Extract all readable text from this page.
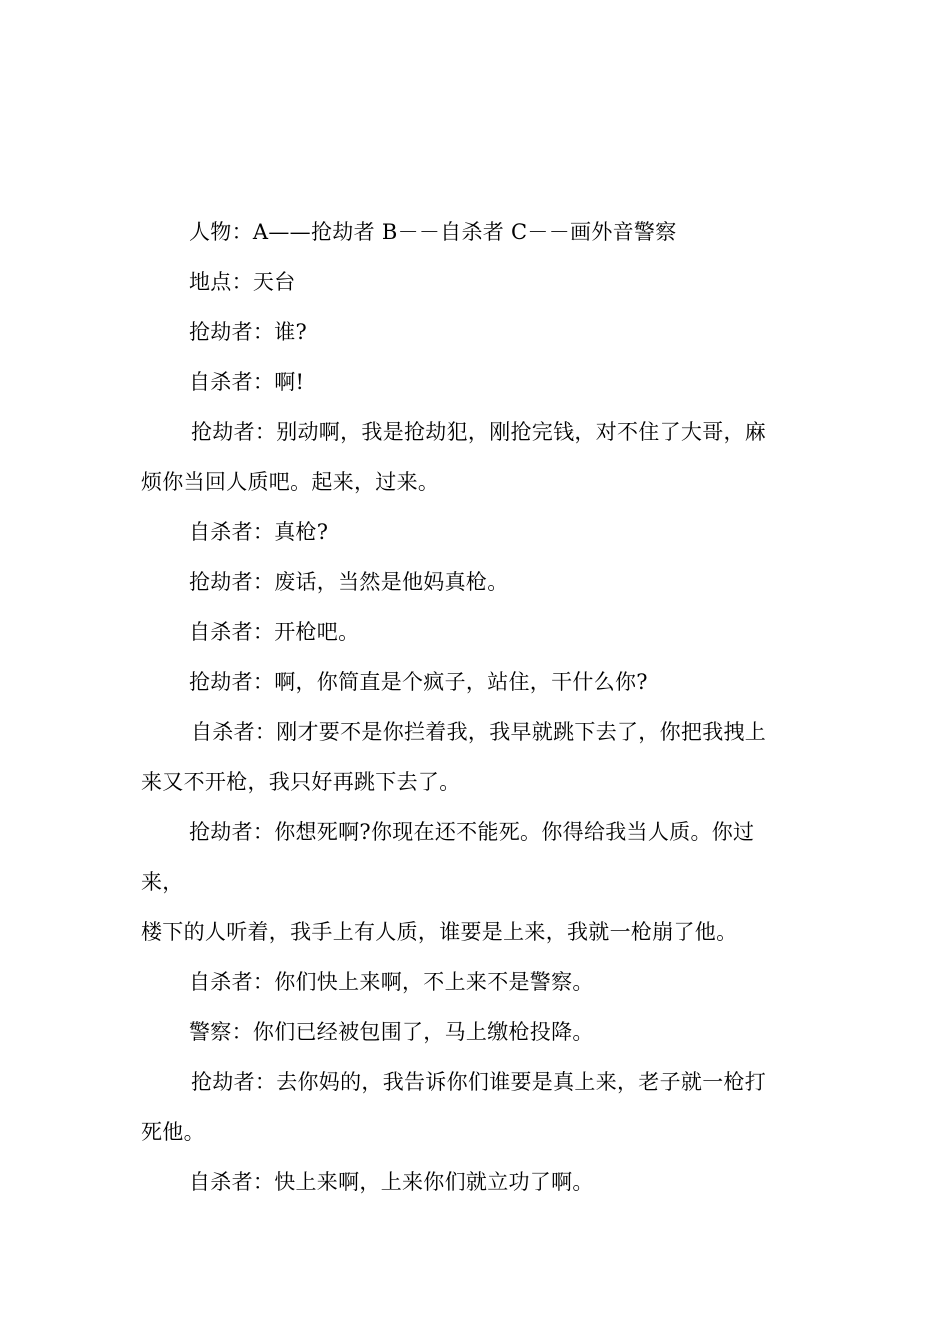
人物：A——抢劫者 B－－自杀者 C－－画外音警察

地点：天台

抢劫者：谁?

自杀者：啊!

抢劫者：别动啊，我是抢劫犯，刚抢完钱，对不住了大哥，麻

烦你当回人质吧。起来，过来。

自杀者：真枪?

抢劫者：废话，当然是他妈真枪。

自杀者：开枪吧。

抢劫者：啊，你简直是个疯子，站住，干什么你?

自杀者：刚才要不是你拦着我，我早就跳下去了，你把我拽上

来又不开枪，我只好再跳下去了。

抢劫者：你想死啊?你现在还不能死。你得给我当人质。你过

来，

楼下的人听着，我手上有人质，谁要是上来，我就一枪崩了他。

自杀者：你们快上来啊，不上来不是警察。

警察：你们已经被包围了，马上缴枪投降。

抢劫者：去你妈的，我告诉你们谁要是真上来，老子就一枪打

死他。

自杀者：快上来啊，上来你们就立功了啊。
